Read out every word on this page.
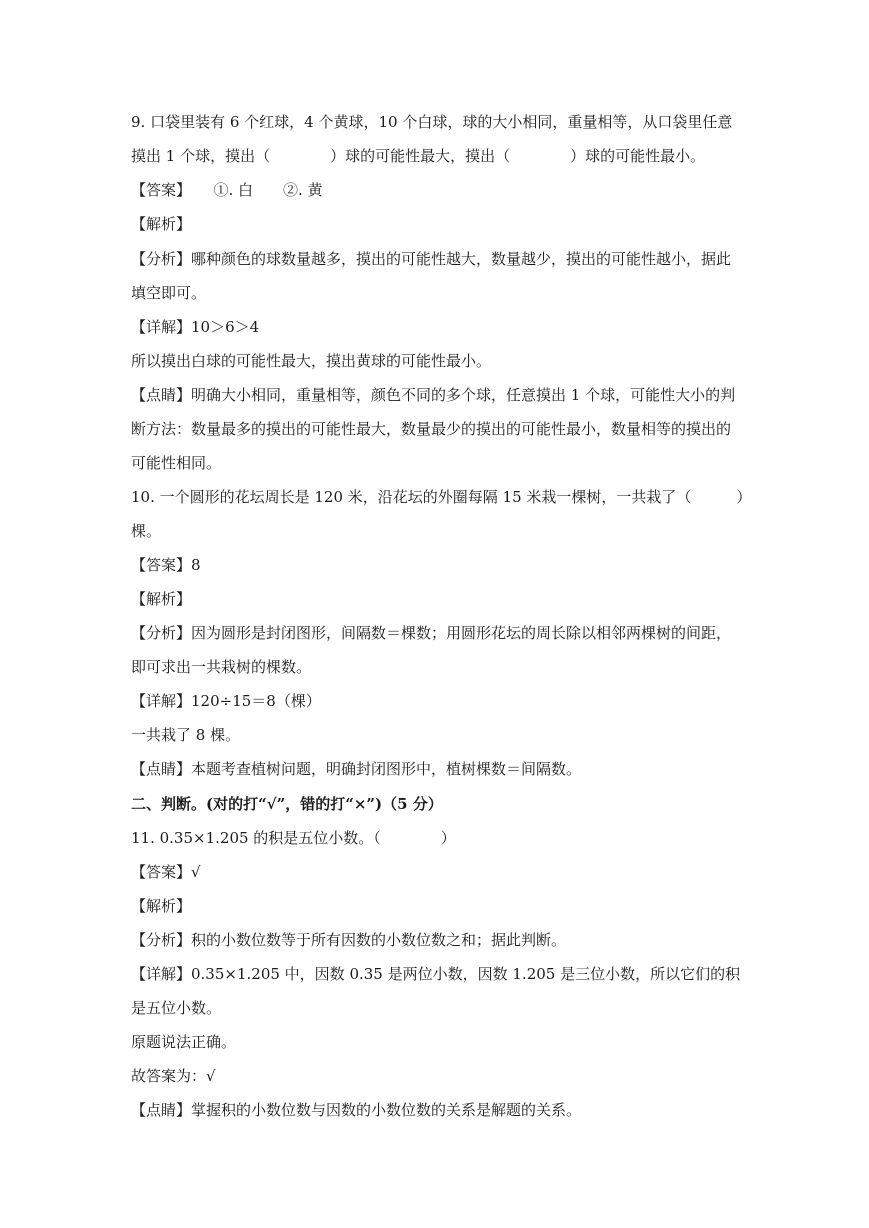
9. 口袋里装有 6 个红球，4 个黄球，10 个白球，球的大小相同，重量相等，从口袋里任意
摸出 1 个球，摸出（　　　　）球的可能性最大，摸出（　　　　）球的可能性最小。
【答案】　　①. 白　　②. 黄
【解析】
【分析】哪种颜色的球数量越多，摸出的可能性越大，数量越少，摸出的可能性越小，据此
填空即可。
【详解】10＞6＞4
所以摸出白球的可能性最大，摸出黄球的可能性最小。
【点睛】明确大小相同，重量相等，颜色不同的多个球，任意摸出 1 个球，可能性大小的判
断方法：数量最多的摸出的可能性最大，数量最少的摸出的可能性最小，数量相等的摸出的
可能性相同。
10. 一个圆形的花坛周长是 120 米，沿花坛的外圈每隔 15 米栽一棵树，一共栽了（　　　）
棵。
【答案】8
【解析】
【分析】因为圆形是封闭图形，间隔数＝棵数；用圆形花坛的周长除以相邻两棵树的间距，
即可求出一共栽树的棵数。
【详解】120÷15＝8（棵）
一共栽了 8 棵。
【点睛】本题考查植树问题，明确封闭图形中，植树棵数＝间隔数。
二、判断。(对的打“√”，错的打“×”)（5 分）
11. 0.35×1.205 的积是五位小数。（　　　　）
【答案】√
【解析】
【分析】积的小数位数等于所有因数的小数位数之和；据此判断。
【详解】0.35×1.205 中，因数 0.35 是两位小数，因数 1.205 是三位小数，所以它们的积
是五位小数。
原题说法正确。
故答案为：√
【点睛】掌握积的小数位数与因数的小数位数的关系是解题的关系。
